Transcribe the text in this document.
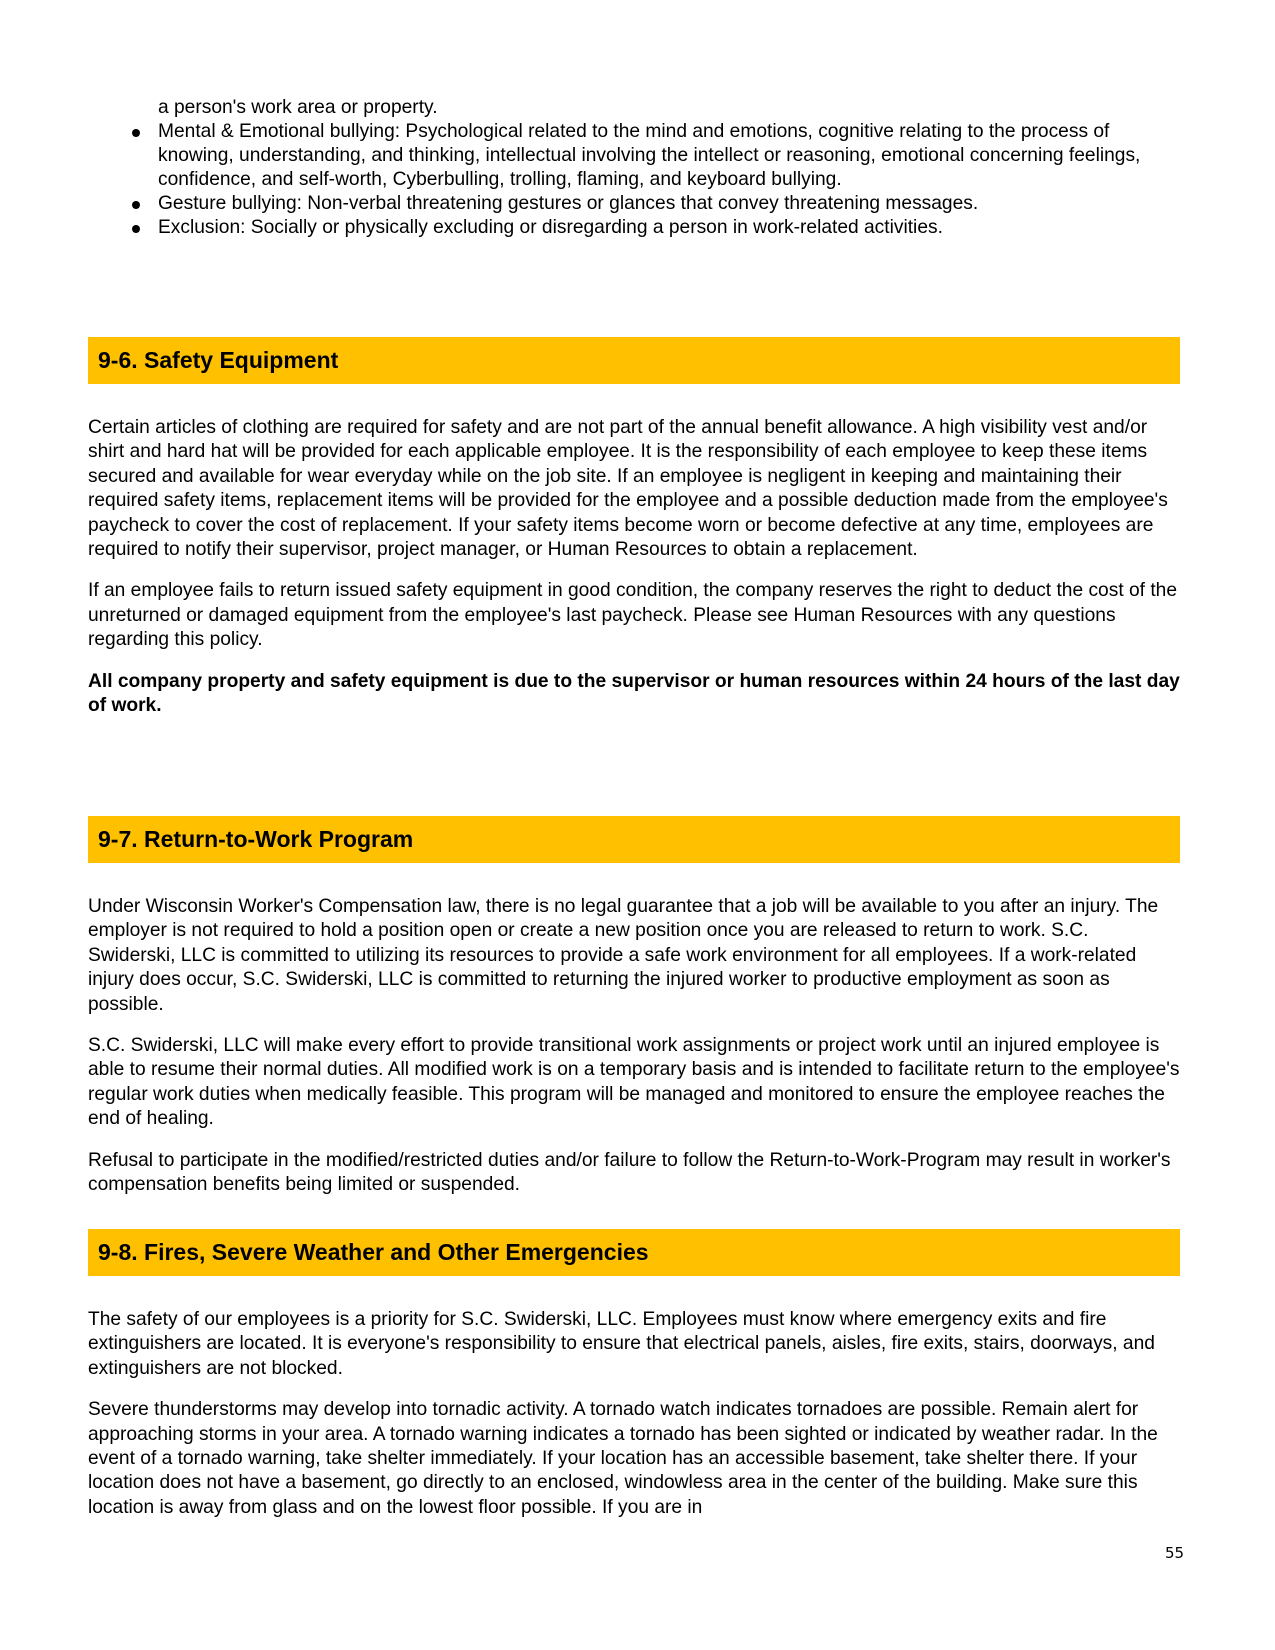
a person's work area or property.
Mental & Emotional bullying: Psychological related to the mind and emotions, cognitive relating to the process of knowing, understanding, and thinking, intellectual involving the intellect or reasoning, emotional concerning feelings, confidence, and self-worth, Cyberbulling, trolling, flaming, and keyboard bullying.
Gesture bullying: Non-verbal threatening gestures or glances that convey threatening messages.
Exclusion: Socially or physically excluding or disregarding a person in work-related activities.
9-6. Safety Equipment

Certain articles of clothing are required for safety and are not part of the annual benefit allowance. A high visibility vest and/or shirt and hard hat will be provided for each applicable employee. It is the responsibility of each employee to keep these items secured and available for wear everyday while on the job site. If an employee is negligent in keeping and maintaining their required safety items, replacement items will be provided for the employee and a possible deduction made from the employee's paycheck to cover the cost of replacement. If your safety items become worn or become defective at any time, employees are required to notify their supervisor, project manager, or Human Resources to obtain a replacement.

If an employee fails to return issued safety equipment in good condition, the company reserves the right to deduct the cost of the unreturned or damaged equipment from the employee's last paycheck. Please see Human Resources with any questions regarding this policy.

All company property and safety equipment is due to the supervisor or human resources within 24 hours of the last day of work.

9-7. Return-to-Work Program

Under Wisconsin Worker's Compensation law, there is no legal guarantee that a job will be available to you after an injury. The employer is not required to hold a position open or create a new position once you are released to return to work. S.C. Swiderski, LLC is committed to utilizing its resources to provide a safe work environment for all employees. If a work-related injury does occur, S.C. Swiderski, LLC is committed to returning the injured worker to productive employment as soon as possible.

S.C. Swiderski, LLC will make every effort to provide transitional work assignments or project work until an injured employee is able to resume their normal duties. All modified work is on a temporary basis and is intended to facilitate return to the employee's regular work duties when medically feasible. This program will be managed and monitored to ensure the employee reaches the end of healing.

Refusal to participate in the modified/restricted duties and/or failure to follow the Return-to-Work-Program may result in worker's compensation benefits being limited or suspended.

9-8. Fires, Severe Weather and Other Emergencies

The safety of our employees is a priority for S.C. Swiderski, LLC. Employees must know where emergency exits and fire extinguishers are located. It is everyone's responsibility to ensure that electrical panels, aisles, fire exits, stairs, doorways, and extinguishers are not blocked.

Severe thunderstorms may develop into tornadic activity. A tornado watch indicates tornadoes are possible. Remain alert for approaching storms in your area. A tornado warning indicates a tornado has been sighted or indicated by weather radar. In the event of a tornado warning, take shelter immediately. If your location has an accessible basement, take shelter there. If your location does not have a basement, go directly to an enclosed, windowless area in the center of the building. Make sure this location is away from glass and on the lowest floor possible. If you are in

55
